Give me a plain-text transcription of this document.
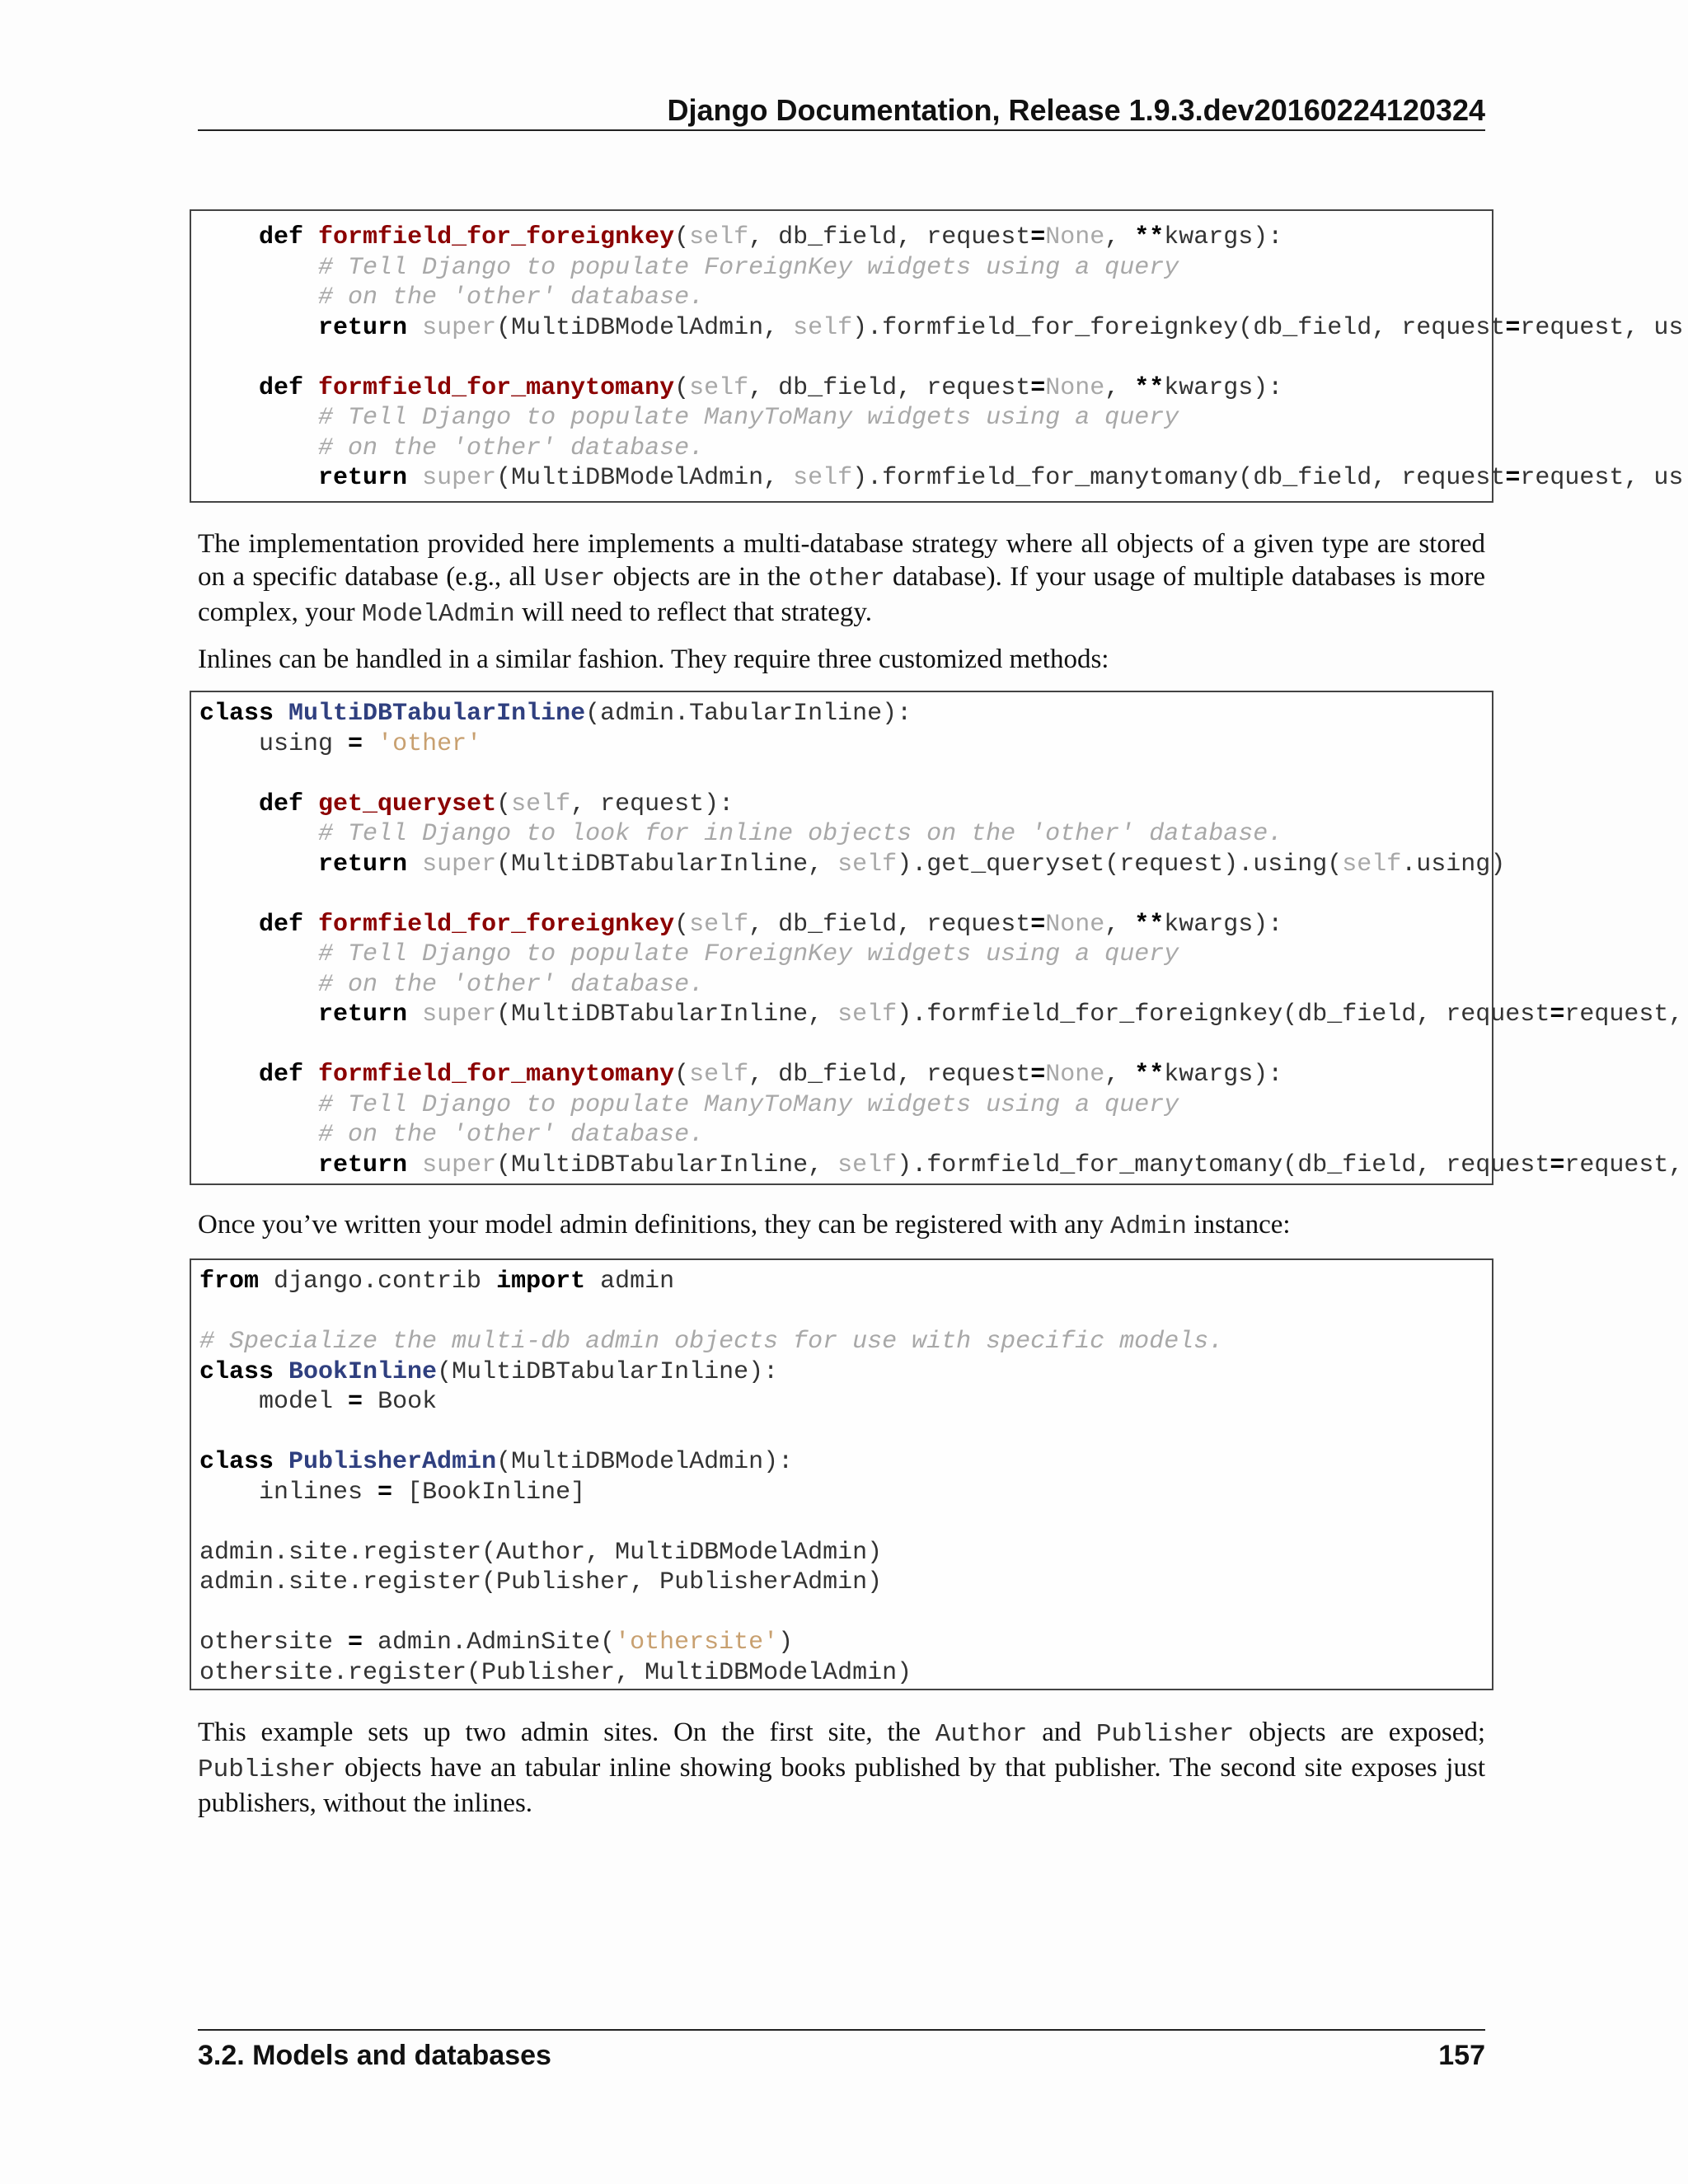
Django Documentation, Release 1.9.3.dev20160224120324
def formfield_for_foreignkey(self, db_field, request=None, **kwargs):
# Tell Django to populate ForeignKey widgets using a query
# on the 'other' database.
return super(MultiDBModelAdmin, self).formfield_for_foreignkey(db_field, request=request, us

def formfield_for_manytomany(self, db_field, request=None, **kwargs):
# Tell Django to populate ManyToMany widgets using a query
# on the 'other' database.
return super(MultiDBModelAdmin, self).formfield_for_manytomany(db_field, request=request, us

The implementation provided here implements a multi-database strategy where all objects of a given type are stored on a specific database (e.g., all User objects are in the other database). If your usage of multiple databases is more complex, your ModelAdmin will need to reflect that strategy.

Inlines can be handled in a similar fashion. They require three customized methods:

class MultiDBTabularInline(admin.TabularInline):
using = 'other'

def get_queryset(self, request):
# Tell Django to look for inline objects on the 'other' database.
return super(MultiDBTabularInline, self).get_queryset(request).using(self.using)

def formfield_for_foreignkey(self, db_field, request=None, **kwargs):
# Tell Django to populate ForeignKey widgets using a query
# on the 'other' database.
return super(MultiDBTabularInline, self).formfield_for_foreignkey(db_field, request=request,

def formfield_for_manytomany(self, db_field, request=None, **kwargs):
# Tell Django to populate ManyToMany widgets using a query
# on the 'other' database.
return super(MultiDBTabularInline, self).formfield_for_manytomany(db_field, request=request,

Once you’ve written your model admin definitions, they can be registered with any Admin instance:

from django.contrib import admin

# Specialize the multi-db admin objects for use with specific models.
class BookInline(MultiDBTabularInline):
model = Book

class PublisherAdmin(MultiDBModelAdmin):
inlines = [BookInline]

admin.site.register(Author, MultiDBModelAdmin)
admin.site.register(Publisher, PublisherAdmin)

othersite = admin.AdminSite('othersite')
othersite.register(Publisher, MultiDBModelAdmin)

This example sets up two admin sites. On the first site, the Author and Publisher objects are exposed; Publisher objects have an tabular inline showing books published by that publisher. The second site exposes just publishers, without the inlines.

3.2. Models and databases	157
